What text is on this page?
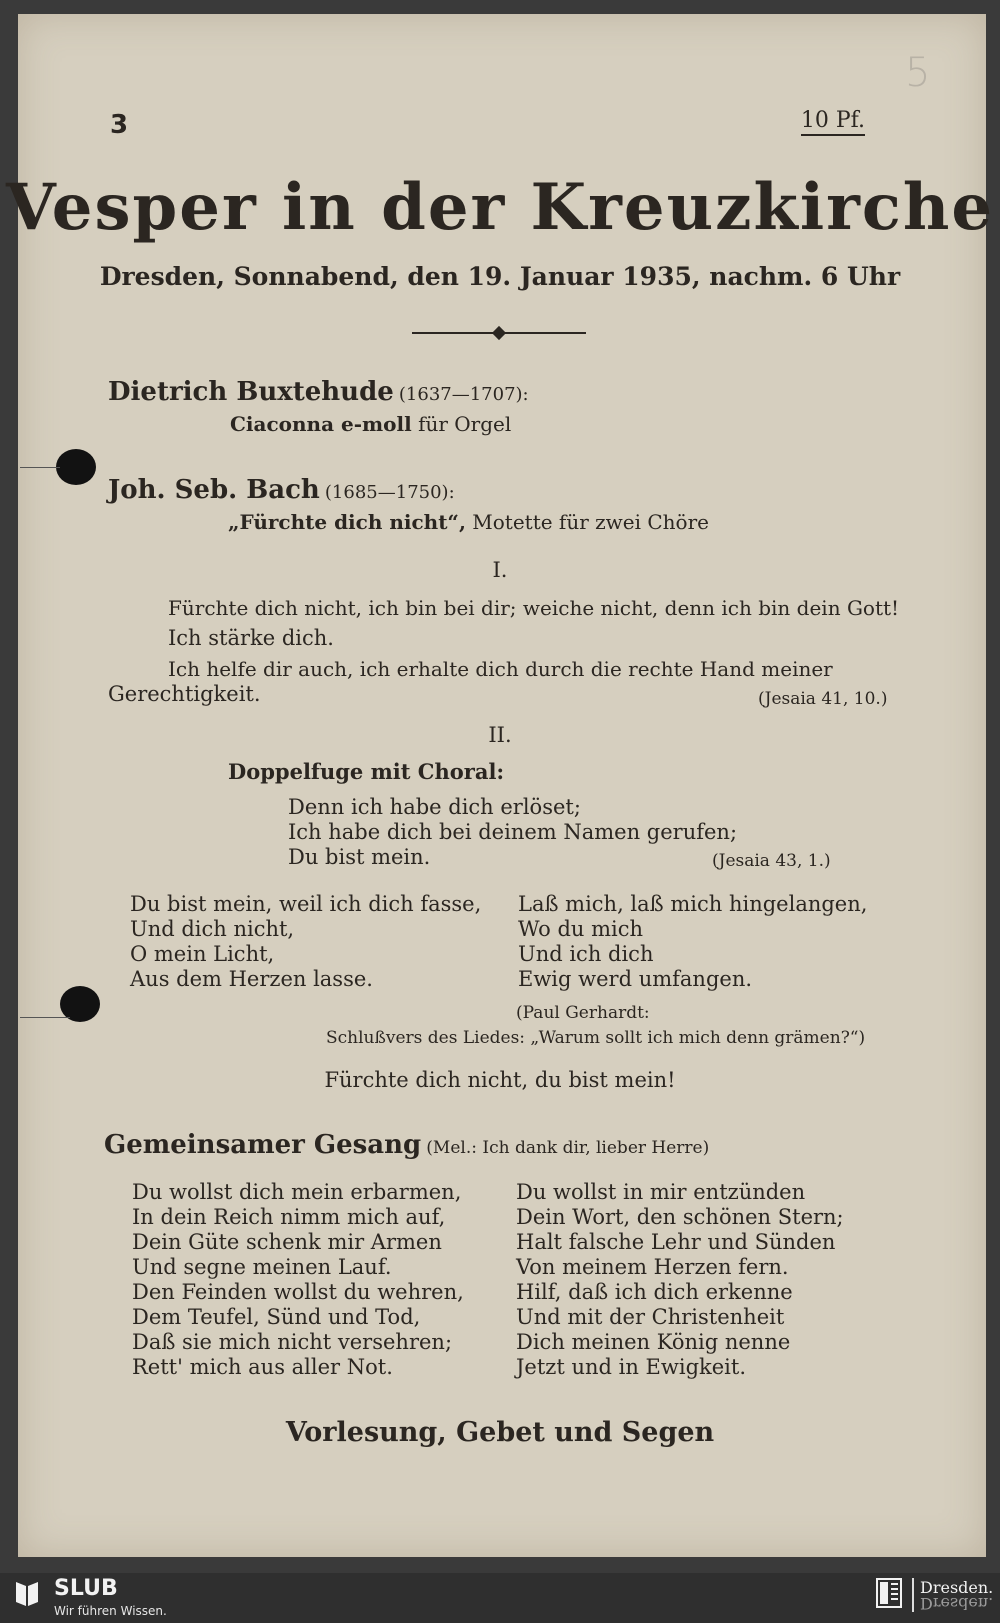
3	10 Pf.
5
Vesper in der Kreuzkirche
Dresden, Sonnabend, den 19. Januar 1935, nachm. 6 Uhr
Dietrich Buxtehude (1637—1707):
Ciaconna e-moll für Orgel
Joh. Seb. Bach (1685—1750):
„Fürchte dich nicht“, Motette für zwei Chöre
I.
Fürchte dich nicht, ich bin bei dir; weiche nicht, denn ich bin dein Gott!
Ich stärke dich.
Ich helfe dir auch, ich erhalte dich durch die rechte Hand meiner
Gerechtigkeit.	(Jesaia 41, 10.)
II.
Doppelfuge mit Choral:
Denn ich habe dich erlöset;
Ich habe dich bei deinem Namen gerufen;
Du bist mein.	(Jesaia 43, 1.)
Du bist mein, weil ich dich fasse,
Und dich nicht,
O mein Licht,
Aus dem Herzen lasse.
Laß mich, laß mich hingelangen,
Wo du mich
Und ich dich
Ewig werd umfangen.
(Paul Gerhardt:
Schlußvers des Liedes: „Warum sollt ich mich denn grämen?“)
Fürchte dich nicht, du bist mein!
Gemeinsamer Gesang (Mel.: Ich dank dir, lieber Herre)
Du wollst dich mein erbarmen,
In dein Reich nimm mich auf,
Dein Güte schenk mir Armen
Und segne meinen Lauf.
Den Feinden wollst du wehren,
Dem Teufel, Sünd und Tod,
Daß sie mich nicht versehren;
Rett' mich aus aller Not.
Du wollst in mir entzünden
Dein Wort, den schönen Stern;
Halt falsche Lehr und Sünden
Von meinem Herzen fern.
Hilf, daß ich dich erkenne
Und mit der Christenheit
Dich meinen König nenne
Jetzt und in Ewigkeit.
Vorlesung, Gebet und Segen
SLUB
Wir führen Wissen.
Dresden.
Dresden.
